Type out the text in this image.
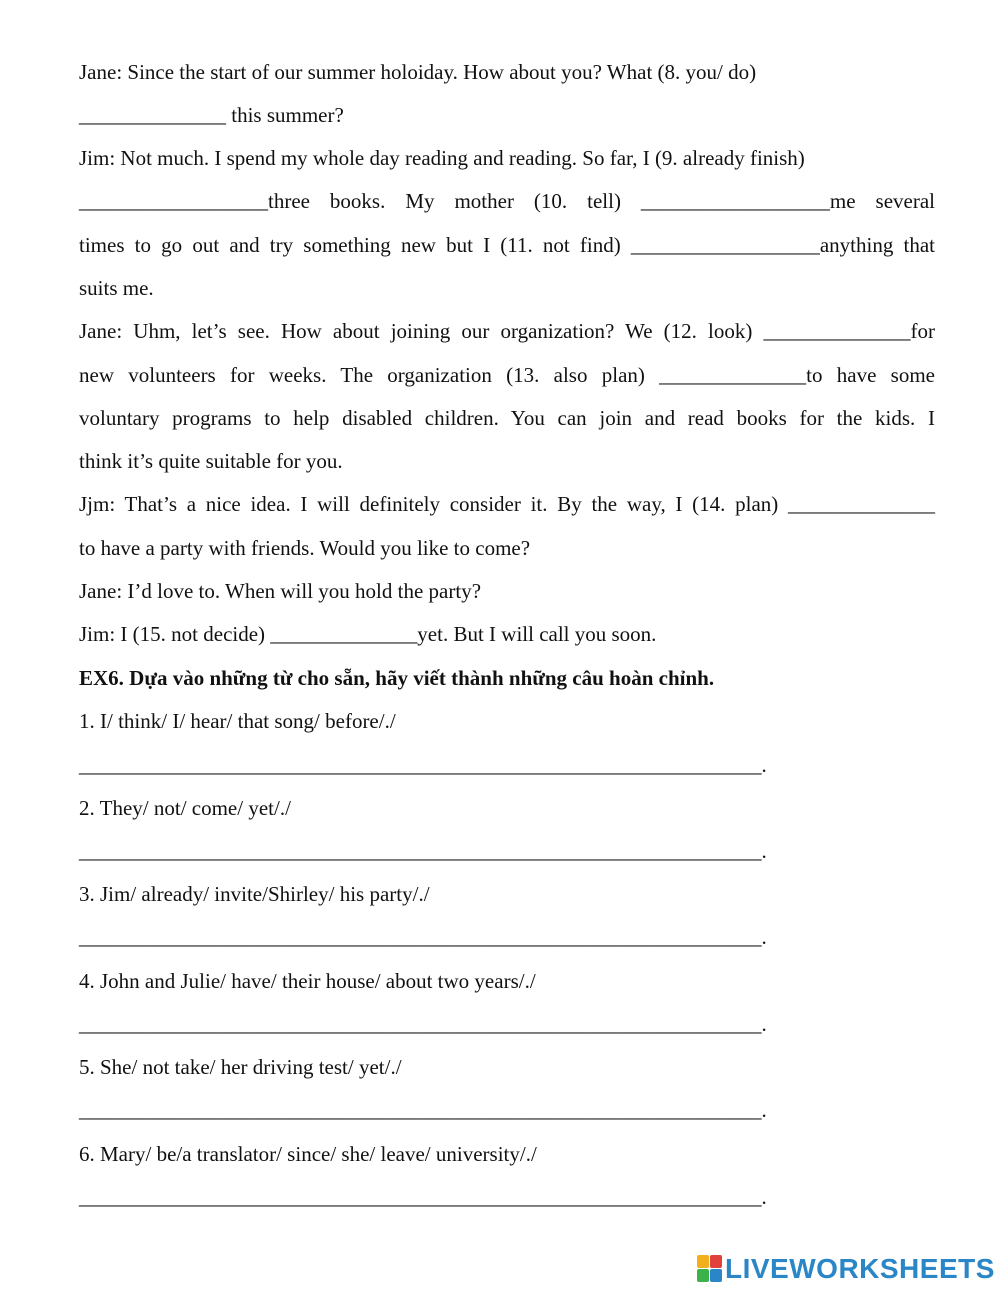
Jane: Since the start of our summer holoiday. How about you? What (8. you/ do)
______________ this summer?
Jim: Not much. I spend my whole day reading and reading. So far, I (9. already finish)
__________________three books. My mother (10. tell) __________________me several
times to go out and try something new but I (11. not find) __________________anything that
suits me.
Jane: Uhm, let’s see. How about joining our organization? We (12. look) ______________for
new volunteers for weeks. The organization (13. also plan) ______________to have some
voluntary programs to help disabled children. You can join and read books for the kids. I
think it’s quite suitable for you.
Jjm: That’s a nice idea. I will definitely consider it. By the way, I (14. plan) ______________
to have a party with friends. Would you like to come?
Jane: I’d love to. When will you hold the party?
Jim: I (15. not decide) ______________yet. But I will call you soon.
EX6. Dựa vào những từ cho sẵn, hãy viết thành những câu hoàn chỉnh.
1. I/ think/ I/ hear/ that song/ before/./
_________________________________________________________________.
2. They/ not/ come/ yet/./
_________________________________________________________________.
3. Jim/ already/ invite/Shirley/ his party/./
_________________________________________________________________.
4. John and Julie/ have/ their house/ about two years/./
_________________________________________________________________.
5. She/ not take/ her driving test/ yet/./
_________________________________________________________________.
6. Mary/ be/a translator/ since/ she/ leave/ university/./
_________________________________________________________________.
LIVEWORKSHEETS
